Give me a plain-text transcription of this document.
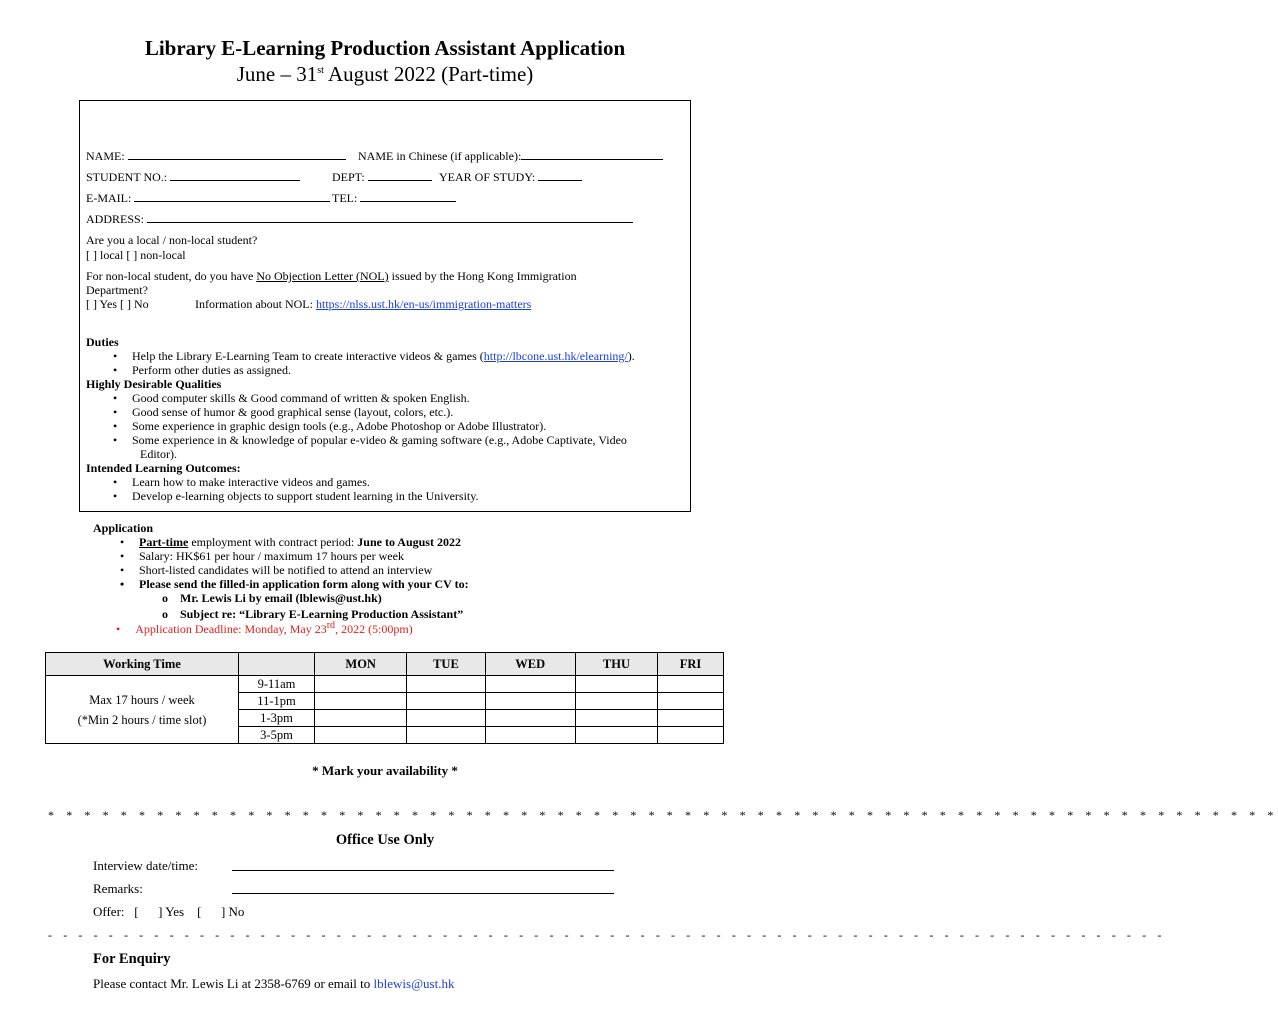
Library E-Learning Production Assistant Application
June – 31st August 2022 (Part-time)
NAME:	NAME in Chinese (if applicable):
STUDENT NO.:	DEPT:	YEAR OF STUDY:
E-MAIL:	TEL:
ADDRESS:
Are you a local / non-local student?
[ ] local [ ] non-local
For non-local student, do you have No Objection Letter (NOL) issued by the Hong Kong Immigration
Department?
[ ] Yes [ ] No	Information about NOL: https://nlss.ust.hk/en-us/immigration-matters
Duties
• Help the Library E-Learning Team to create interactive videos & games (http://lbcone.ust.hk/elearning/).
• Perform other duties as assigned.
Highly Desirable Qualities
• Good computer skills & Good command of written & spoken English.
• Good sense of humor & good graphical sense (layout, colors, etc.).
• Some experience in graphic design tools (e.g., Adobe Photoshop or Adobe Illustrator).
• Some experience in & knowledge of popular e-video & gaming software (e.g., Adobe Captivate, Video
Editor).
Intended Learning Outcomes:
• Learn how to make interactive videos and games.
• Develop e-learning objects to support student learning in the University.
Application
• Part-time employment with contract period: June to August 2022
• Salary: HK$61 per hour / maximum 17 hours per week
• Short-listed candidates will be notified to attend an interview
• Please send the filled-in application form along with your CV to:
o    Mr. Lewis Li by email (lblewis@ust.hk)
o    Subject re: “Library E-Learning Production Assistant”
•     Application Deadline: Monday, May 23rd, 2022 (5:00pm)
Working Time		MON	TUE	WED	THU	FRI

Max 17 hours / week
(*Min 2 hours / time slot)	9-11am					
	11-1pm					
	1-3pm					
	3-5pm					
* Mark your availability *
* * * * * * * * * * * * * * * * * * * * * * * * * * * * * * * * * * * * * * * * * * * * * * * * * * * * * * * * * * * * * * * * * * * *
Office Use Only
Interview date/time:
Remarks:
Offer:   [      ] Yes    [      ] No
- - - - - - - - - - - - - - - - - - - - - - - - - - - - - - - - - - - - - - - - - - - - - - - - - - - - - - - - - - - - - - - - - - - - - - - - - -
For Enquiry
Please contact Mr. Lewis Li at 2358-6769 or email to lblewis@ust.hk
